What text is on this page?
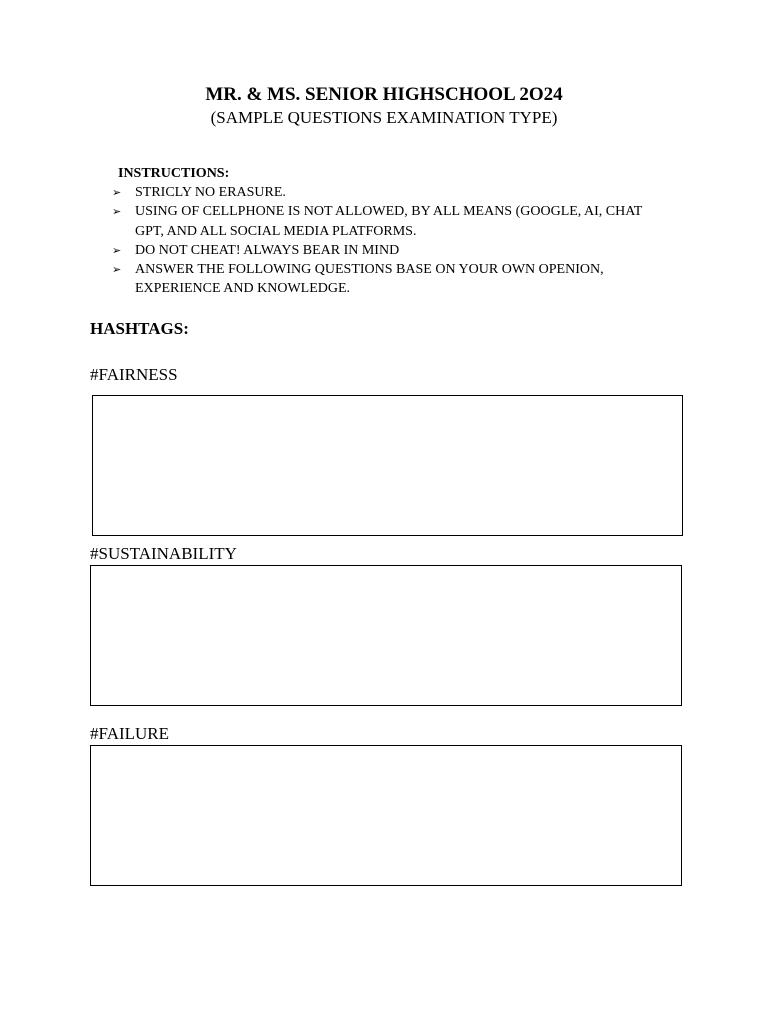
MR. & MS. SENIOR HIGHSCHOOL 2O24
(SAMPLE QUESTIONS EXAMINATION TYPE)
INSTRUCTIONS:
➢ STRICLY NO ERASURE.
➢ USING OF CELLPHONE IS NOT ALLOWED, BY ALL MEANS (GOOGLE, AI, CHAT GPT, AND ALL SOCIAL MEDIA PLATFORMS.
➢ DO NOT CHEAT! ALWAYS BEAR IN MIND
➢ ANSWER THE FOLLOWING QUESTIONS BASE ON YOUR OWN OPENION, EXPERIENCE AND KNOWLEDGE.
HASHTAGS:
#FAIRNESS
#SUSTAINABILITY
#FAILURE
